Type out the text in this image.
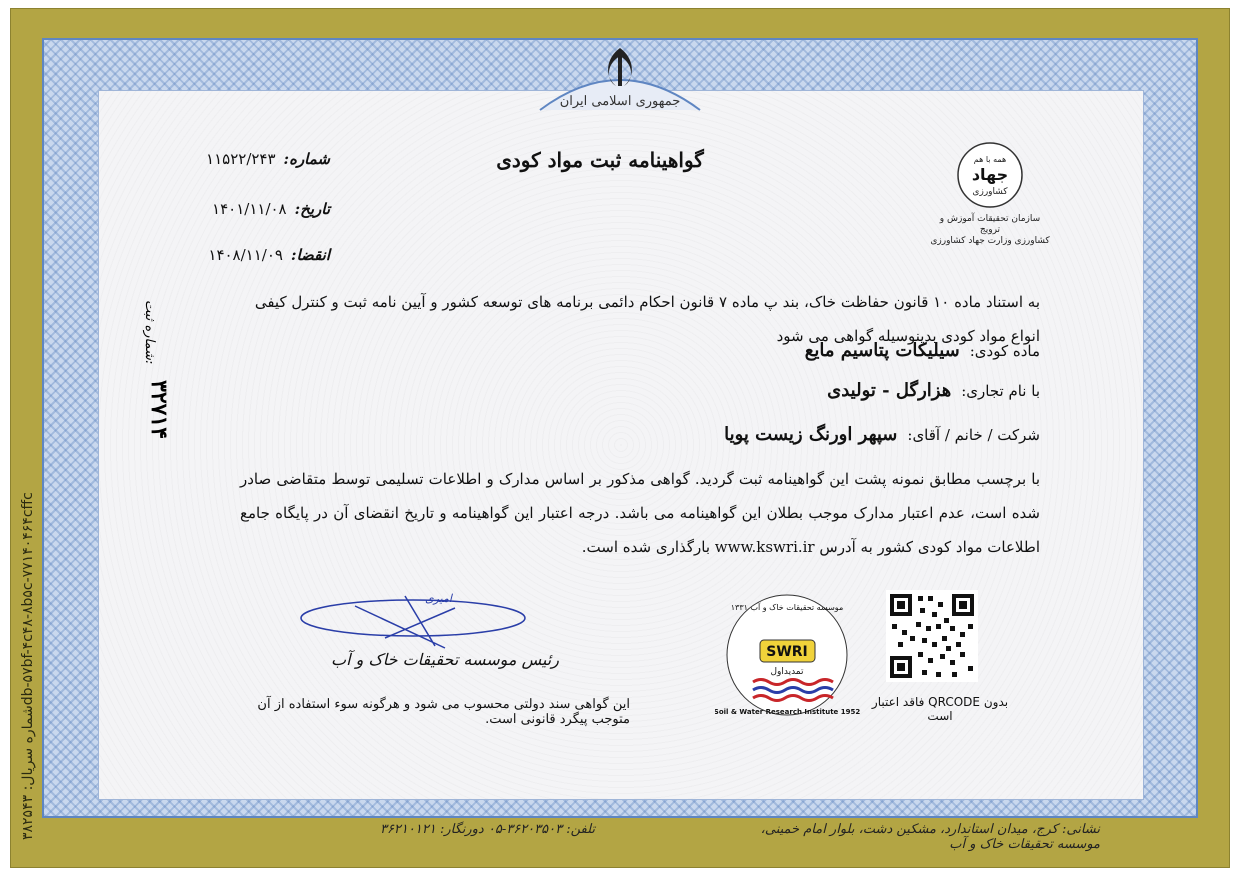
شماره سریال: ۳۸۲۵۴۳db-۵۷bf-۴c۴۸-۸b۵c-۷۷۱۴۰۴۶۴cffc
جمهوری اسلامی ایران
گواهینامه ثبت مواد کودی	همه با هم
جهاد
کشاورزی
سازمان تحقیقات آموزش و ترویج
کشاورزی وزارت جهاد کشاورزی
شماره:۱۱۵۲۲/۲۴۳
تاریخ:۱۴۰۱/۱۱/۰۸
انقضا:۱۴۰۸/۱۱/۰۹
به استناد ماده ۱۰ قانون حفاظت خاک، بند پ ماده ۷ قانون احکام دائمی برنامه های توسعه کشور و آیین نامه ثبت و کنترل کیفی انواع مواد کودی بدینوسیله گواهی می شود
ماده کودی:سیلیکات پتاسیم مایع
با نام تجاری:هزارگل - تولیدی
شرکت / خانم / آقای:سپهر اورنگ زیست پویا
شماره ثبت:
۳۲۷۱۴
با برچسب مطابق نمونه پشت این گواهینامه ثبت گردید. گواهی مذکور بر اساس مدارک و اطلاعات تسلیمی توسط متقاضی صادر شده است، عدم اعتبار مدارک موجب بطلان این گواهینامه می باشد. درجه اعتبار این گواهینامه و تاریخ انقضای آن در پایگاه جامع اطلاعات مواد کودی کشور به آدرس www.kswri.ir بارگذاری شده است.
امیری
رئیس موسسه تحقیقات خاک و آب
این گواهی سند دولتی محسوب می شود و هرگونه سوء استفاده از آن متوجب پیگرد قانونی است.
SWRI
تمدیداول
موسسه تحقیقات خاک و آب ۱۳۳۱
Soil & Water Research Institute 1952
بدون QRCODE فاقد اعتبار است
نشانی: کرج، میدان استاندارد، مشکین دشت، بلوار امام خمینی، موسسه تحقیقات خاک و آب
تلفن: ۳۶۲۰۳۵۰۳-۰۵ دورنگار: ۳۶۲۱۰۱۲۱
